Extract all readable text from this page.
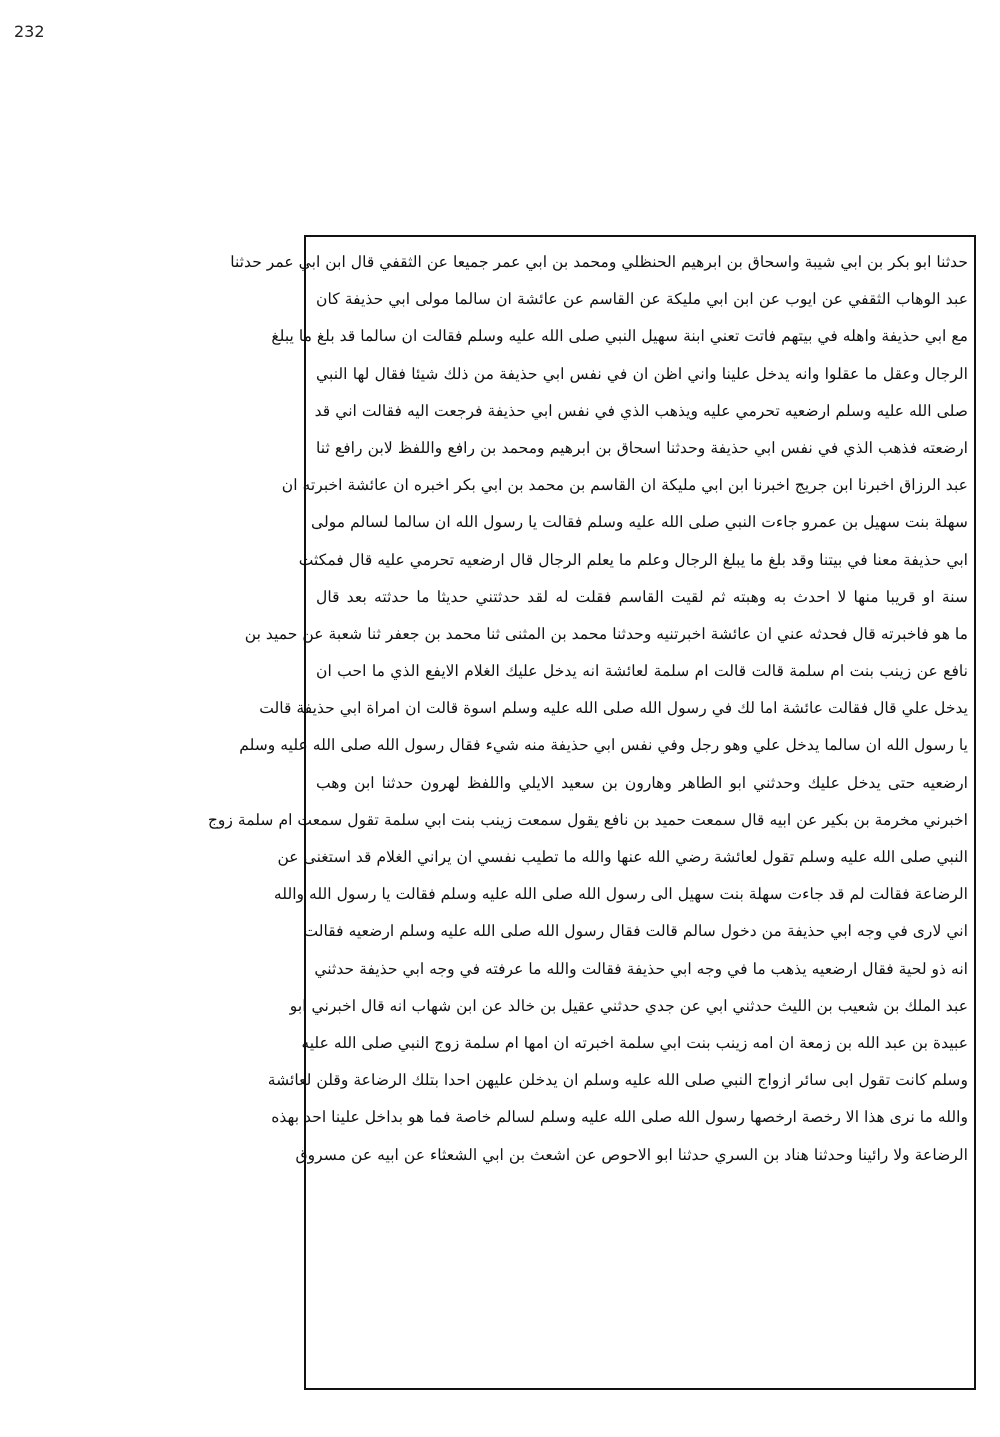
232
حدثنا ابو بكر بن ابي شيبة واسحاق بن ابرهيم الحنظلي ومحمد بن ابي عمر جميعا عن الثقفي قال ابن ابي عمر حدثنا
عبد الوهاب الثقفي عن ايوب عن ابن ابي مليكة عن القاسم عن عائشة ان سالما مولى ابي حذيفة كان
مع ابي حذيفة واهله في بيتهم فاتت تعني ابنة سهيل النبي صلى الله عليه وسلم فقالت ان سالما قد بلغ ما يبلغ
الرجال وعقل ما عقلوا وانه يدخل علينا واني اظن ان في نفس ابي حذيفة من ذلك شيئا فقال لها النبي
صلى الله عليه وسلم ارضعيه تحرمي عليه ويذهب الذي في نفس ابي حذيفة فرجعت اليه فقالت اني قد
ارضعته فذهب الذي في نفس ابي حذيفة وحدثنا اسحاق بن ابرهيم ومحمد بن رافع واللفظ لابن رافع ثنا
عبد الرزاق اخبرنا ابن جريج اخبرنا ابن ابي مليكة ان القاسم بن محمد بن ابي بكر اخبره ان عائشة اخبرته ان
سهلة بنت سهيل بن عمرو جاءت النبي صلى الله عليه وسلم فقالت يا رسول الله ان سالما لسالم مولى
ابي حذيفة معنا في بيتنا وقد بلغ ما يبلغ الرجال وعلم ما يعلم الرجال قال ارضعيه تحرمي عليه قال فمكثت
سنة او قريبا منها لا احدث به وهبته ثم لقيت القاسم فقلت له لقد حدثتني حديثا ما حدثته بعد قال
ما هو فاخبرته قال فحدثه عني ان عائشة اخبرتنيه وحدثنا محمد بن المثنى ثنا محمد بن جعفر ثنا شعبة عن حميد بن
نافع عن زينب بنت ام سلمة قالت قالت ام سلمة لعائشة انه يدخل عليك الغلام الايفع الذي ما احب ان
يدخل علي قال فقالت عائشة اما لك في رسول الله صلى الله عليه وسلم اسوة قالت ان امراة ابي حذيفة قالت
يا رسول الله ان سالما يدخل علي وهو رجل وفي نفس ابي حذيفة منه شيء فقال رسول الله صلى الله عليه وسلم
ارضعيه حتى يدخل عليك وحدثني ابو الطاهر وهارون بن سعيد الايلي واللفظ لهرون حدثنا ابن وهب
اخبرني مخرمة بن بكير عن ابيه قال سمعت حميد بن نافع يقول سمعت زينب بنت ابي سلمة تقول سمعت ام سلمة زوج
النبي صلى الله عليه وسلم تقول لعائشة رضي الله عنها والله ما تطيب نفسي ان يراني الغلام قد استغنى عن
الرضاعة فقالت لم قد جاءت سهلة بنت سهيل الى رسول الله صلى الله عليه وسلم فقالت يا رسول الله والله
اني لارى في وجه ابي حذيفة من دخول سالم قالت فقال رسول الله صلى الله عليه وسلم ارضعيه فقالت
انه ذو لحية فقال ارضعيه يذهب ما في وجه ابي حذيفة فقالت والله ما عرفته في وجه ابي حذيفة حدثني
عبد الملك بن شعيب بن الليث حدثني ابي عن جدي حدثني عقيل بن خالد عن ابن شهاب انه قال اخبرني ابو
عبيدة بن عبد الله بن زمعة ان امه زينب بنت ابي سلمة اخبرته ان امها ام سلمة زوج النبي صلى الله عليه
وسلم كانت تقول ابى سائر ازواج النبي صلى الله عليه وسلم ان يدخلن عليهن احدا بتلك الرضاعة وقلن لعائشة
والله ما نرى هذا الا رخصة ارخصها رسول الله صلى الله عليه وسلم لسالم خاصة فما هو بداخل علينا احد بهذه
الرضاعة ولا رائينا وحدثنا هناد بن السري حدثنا ابو الاحوص عن اشعث بن ابي الشعثاء عن ابيه عن مسروق
